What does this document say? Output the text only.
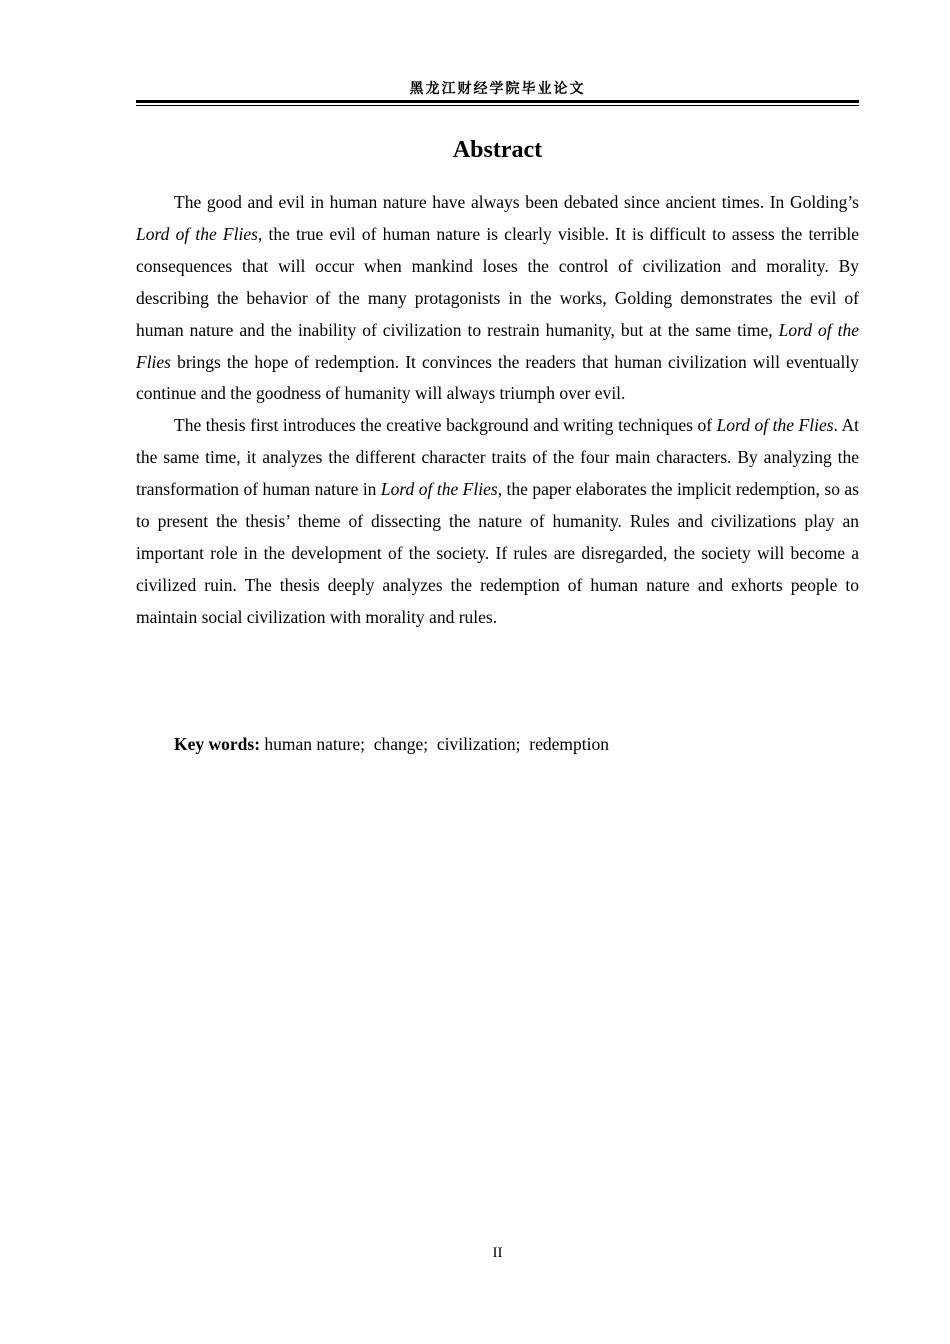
黑龙江财经学院毕业论文
Abstract

The good and evil in human nature have always been debated since ancient times. In Golding’s Lord of the Flies, the true evil of human nature is clearly visible. It is difficult to assess the terrible consequences that will occur when mankind loses the control of civilization and morality. By describing the behavior of the many protagonists in the works, Golding demonstrates the evil of human nature and the inability of civilization to restrain humanity, but at the same time, Lord of the Flies brings the hope of redemption. It convinces the readers that human civilization will eventually continue and the goodness of humanity will always triumph over evil.

The thesis first introduces the creative background and writing techniques of Lord of the Flies. At the same time, it analyzes the different character traits of the four main characters. By analyzing the transformation of human nature in Lord of the Flies, the paper elaborates the implicit redemption, so as to present the thesis’ theme of dissecting the nature of humanity. Rules and civilizations play an important role in the development of the society. If rules are disregarded, the society will become a civilized ruin. The thesis deeply analyzes the redemption of human nature and exhorts people to maintain social civilization with morality and rules.

Key words: human nature;  change;  civilization;  redemption
II
